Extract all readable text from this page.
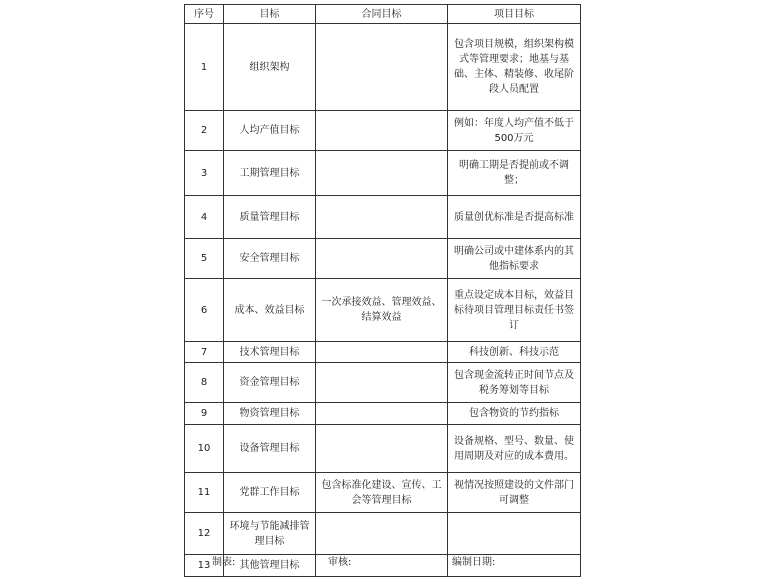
序号	目标	合同目标	项目目标
1	组织架构		包含项目规模，组织架构模式等管理要求；地基与基础、主体、精装修、收尾阶段人员配置
2	人均产值目标		例如：年度人均产值不低于500万元
3	工期管理目标		明确工期是否提前或不调整；
4	质量管理目标		质量创优标准是否提高标准
5	安全管理目标		明确公司或中建体系内的其他指标要求
6	成本、效益目标	一次承接效益、管理效益、结算效益	重点设定成本目标，效益目标待项目管理目标责任书签订
7	技术管理目标		科技创新、科技示范
8	资金管理目标		包含现金流转正时间节点及税务筹划等目标
9	物资管理目标		包含物资的节约指标
10	设备管理目标		设备规格、型号、数量、使用周期及对应的成本费用。
11	党群工作目标	包含标准化建设、宣传、工会等管理目标	视情况按照建设的文件部门可调整
12	环境与节能减排管理目标		
13	其他管理目标		
制表:	审核:	编制日期:
